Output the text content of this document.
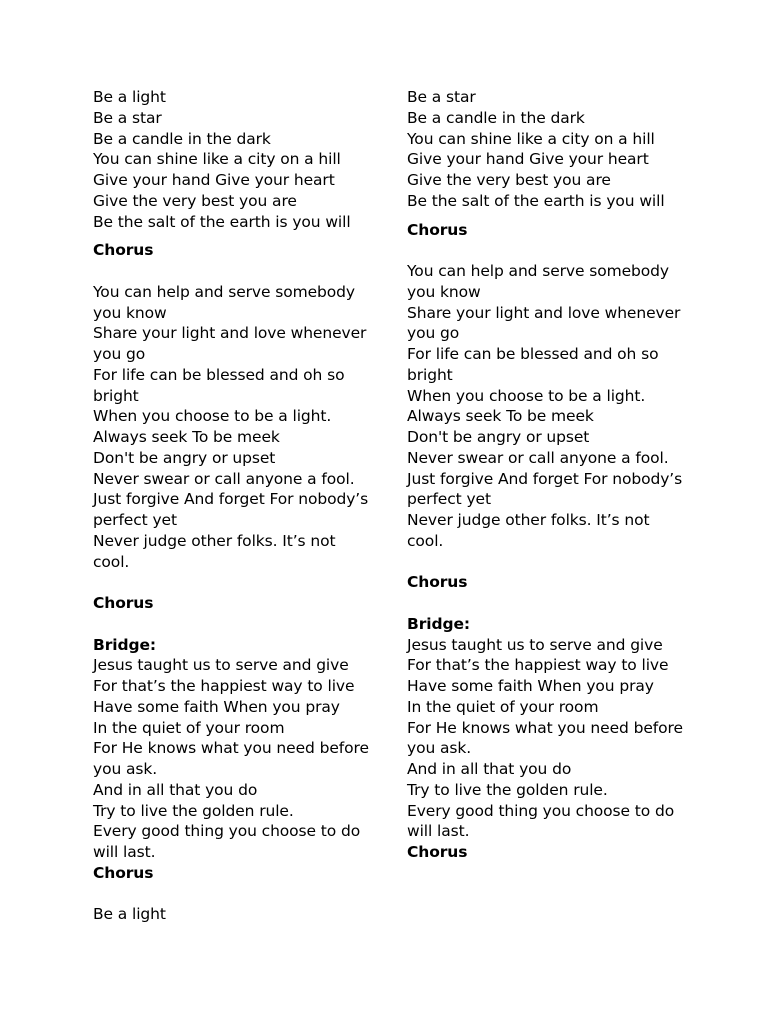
Be a light
Be a star
Be a candle in the dark
You can shine like a city on a hill
Give your hand Give your heart
Give the very best you are
Be the salt of the earth is you will
Chorus
You can help and serve somebody
you know
Share your light and love whenever
you go
For life can be blessed and oh so
bright
When you choose to be a light.
Always seek To be meek
Don't be angry or upset
Never swear or call anyone a fool.
Just forgive And forget For nobody’s
perfect yet
Never judge other folks. It’s not
cool.
Chorus
Bridge:
Jesus taught us to serve and give
For that’s the happiest way to live
Have some faith When you pray
In the quiet of your room
For He knows what you need before
you ask.
And in all that you do
Try to live the golden rule.
Every good thing you choose to do
will last.
Chorus
Be a light
Be a star
Be a candle in the dark
You can shine like a city on a hill
Give your hand Give your heart
Give the very best you are
Be the salt of the earth is you will
Chorus
You can help and serve somebody
you know
Share your light and love whenever
you go
For life can be blessed and oh so
bright
When you choose to be a light.
Always seek To be meek
Don't be angry or upset
Never swear or call anyone a fool.
Just forgive And forget For nobody’s
perfect yet
Never judge other folks. It’s not
cool.
Chorus
Bridge:
Jesus taught us to serve and give
For that’s the happiest way to live
Have some faith When you pray
In the quiet of your room
For He knows what you need before
you ask.
And in all that you do
Try to live the golden rule.
Every good thing you choose to do
will last.
Chorus
